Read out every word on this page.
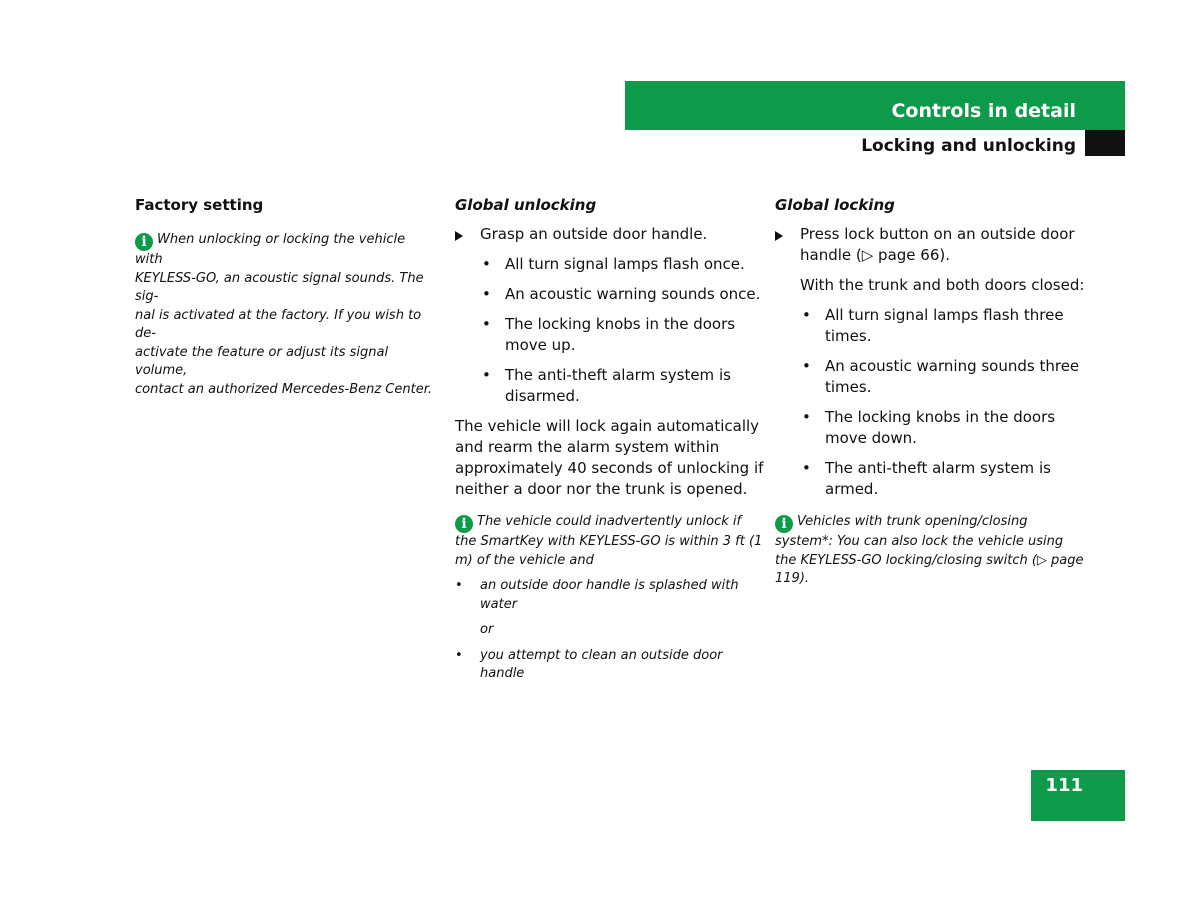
Controls in detail
Locking and unlocking
Factory setting
i When unlocking or locking the vehicle with
KEYLESS-GO, an acoustic signal sounds. The sig-
nal is activated at the factory. If you wish to de-
activate the feature or adjust its signal volume,
contact an authorized Mercedes-Benz Center.
Global unlocking
Grasp an outside door handle.
• All turn signal lamps flash once.
• An acoustic warning sounds once.
• The locking knobs in the doors move up.
• The anti-theft alarm system is disarmed.

The vehicle will lock again automatically and rearm the alarm system within approximately 40 seconds of unlocking if neither a door nor the trunk is opened.

i The vehicle could inadvertently unlock if the SmartKey with KEYLESS-GO is within 3 ft (1 m) of the vehicle and
• an outside door handle is splashed with water
or
• you attempt to clean an outside door handle
Global locking
Press lock button on an outside door handle (▷ page 66).

With the trunk and both doors closed:

• All turn signal lamps flash three times.
• An acoustic warning sounds three times.
• The locking knobs in the doors move down.
• The anti-theft alarm system is armed.
i Vehicles with trunk opening/closing system*: You can also lock the vehicle using the KEYLESS-GO locking/closing switch (▷ page 119).
111
